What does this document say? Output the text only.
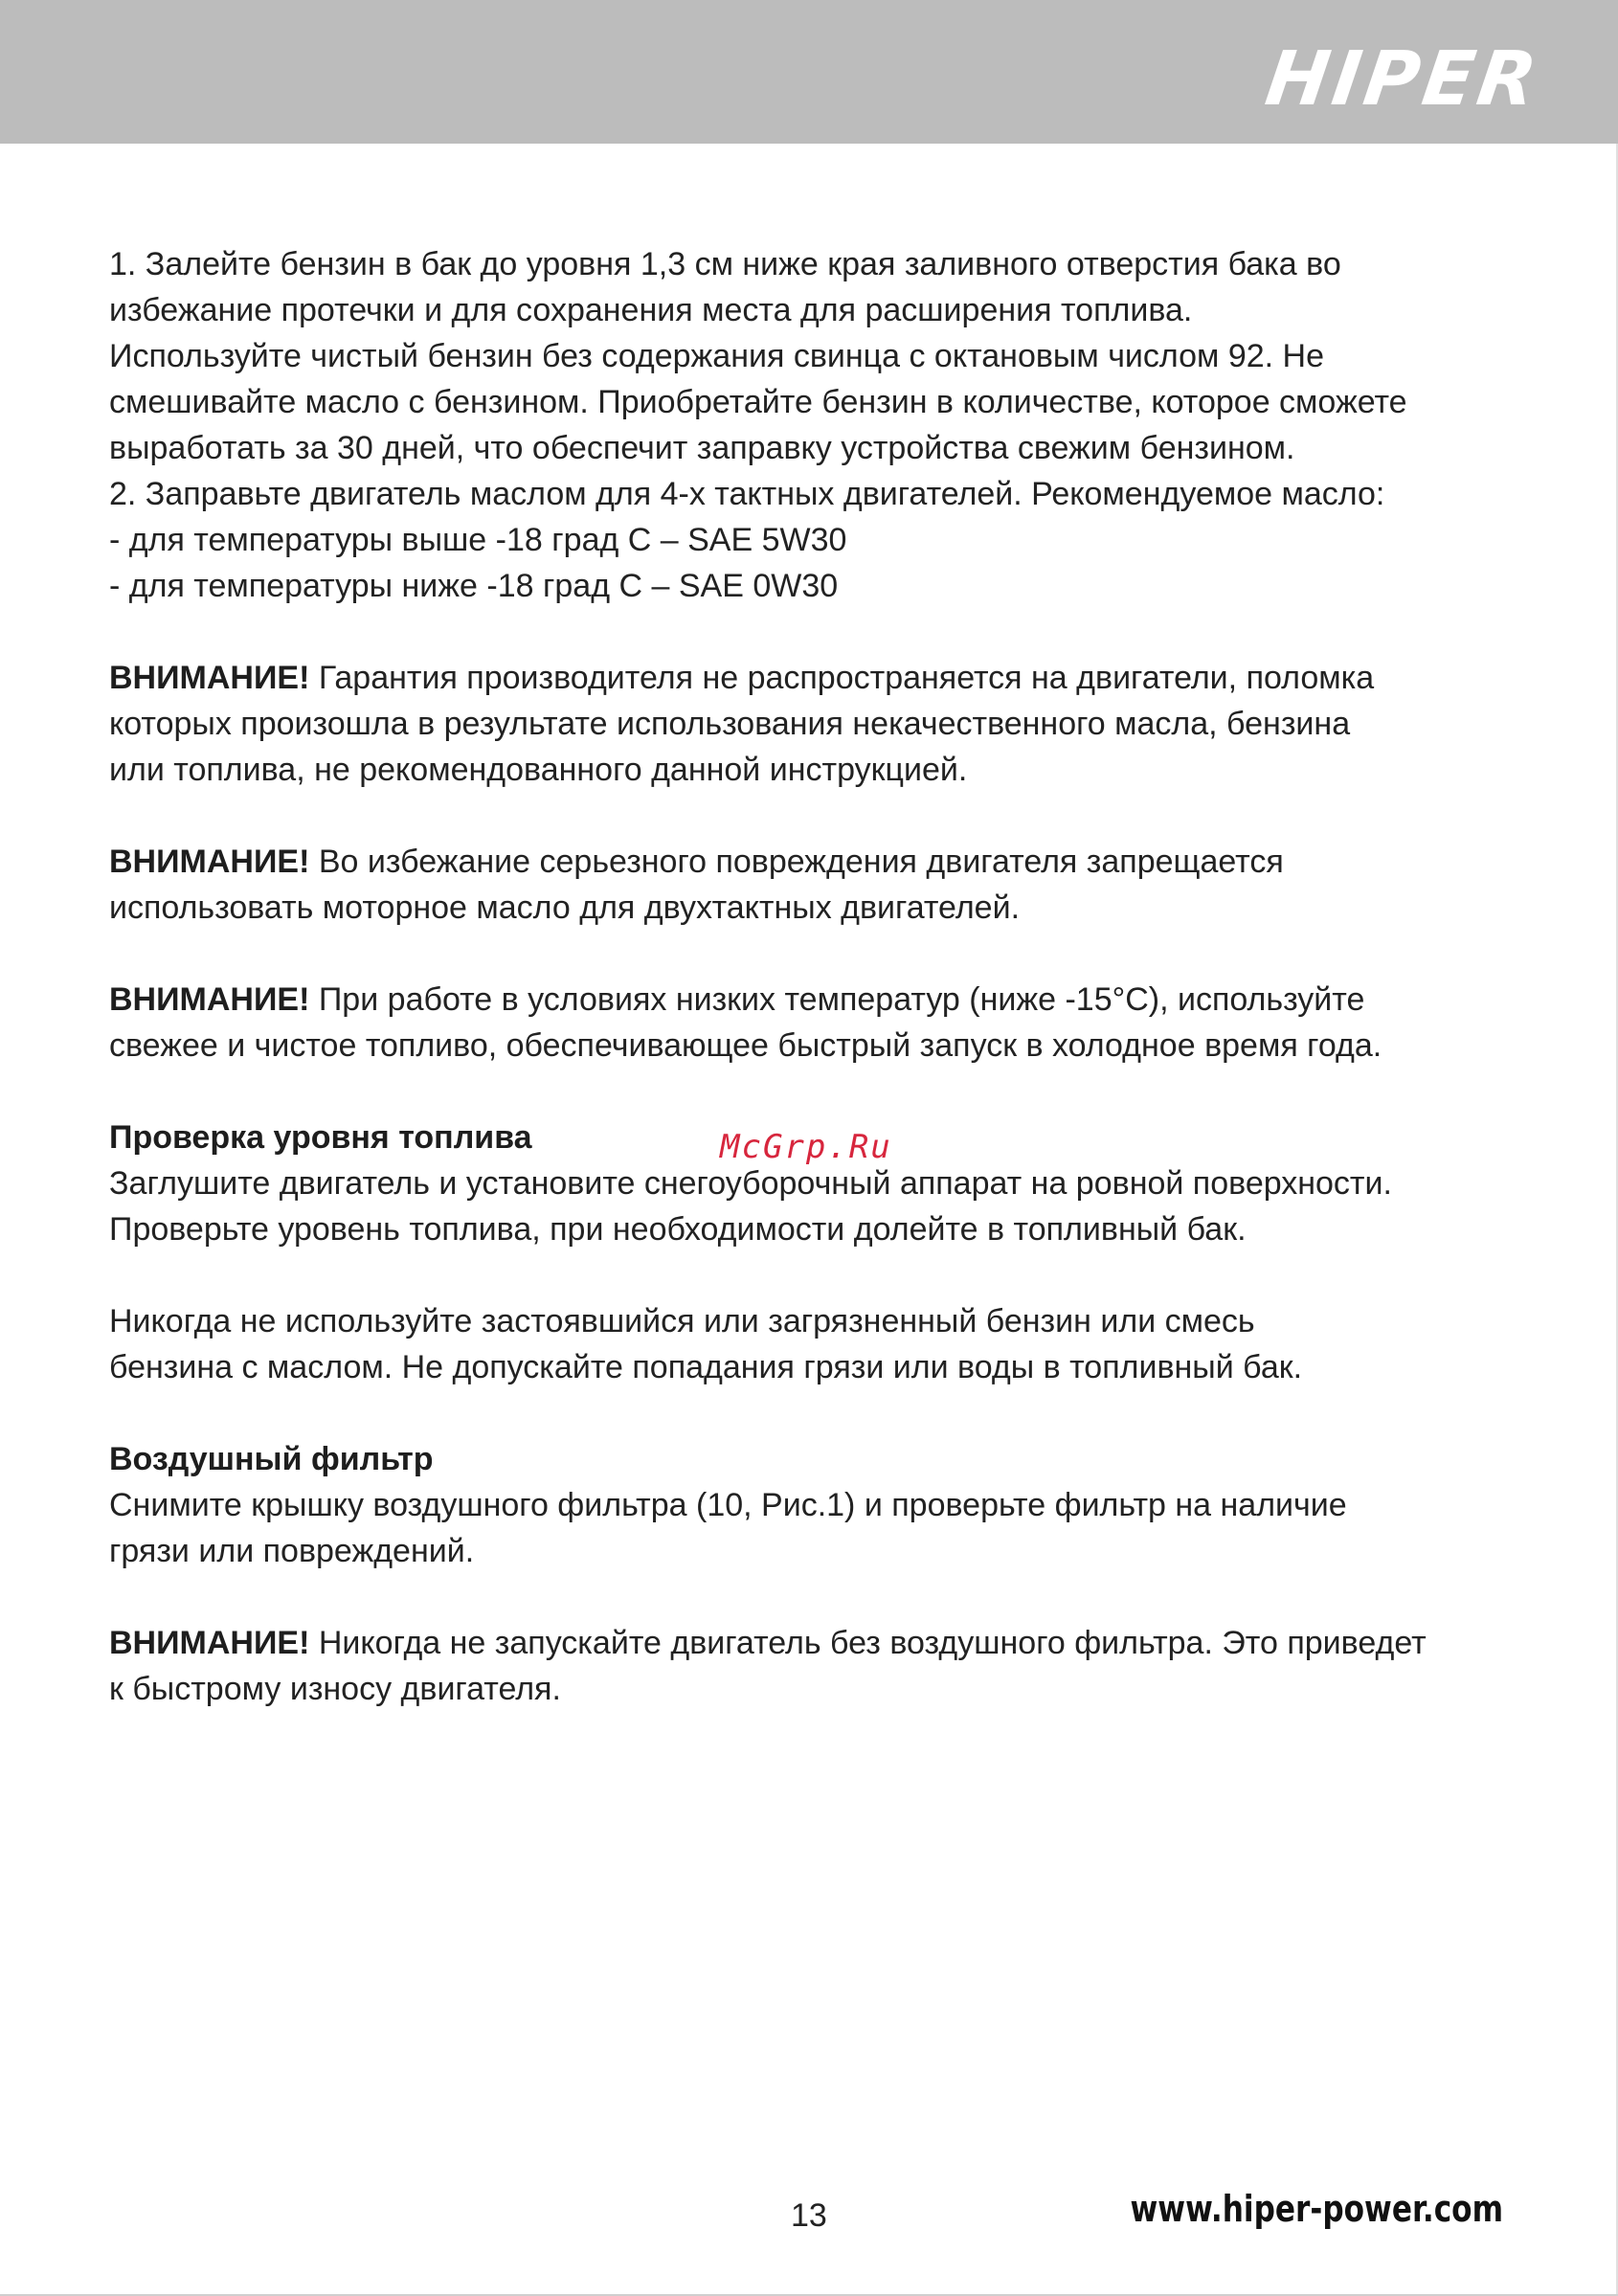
HIPER

1. Залейте бензин в бак до уровня 1,3 см ниже края заливного отверстия бака во

избежание протечки и для сохранения места для расширения топлива.

Используйте чистый бензин без содержания свинца с октановым числом 92. Не

смешивайте масло с бензином. Приобретайте бензин в количестве, которое сможете

выработать за 30 дней, что обеспечит заправку устройства свежим бензином.

2. Заправьте двигатель маслом для 4-х тактных двигателей. Рекомендуемое масло:

- для температуры выше -18 град С – SAE 5W30

- для температуры ниже -18 град С – SAE 0W30

ВНИМАНИЕ! Гарантия производителя не распространяется на двигатели, поломка

которых произошла в результате использования некачественного масла, бензина

или топлива, не рекомендованного данной инструкцией.

ВНИМАНИЕ! Во избежание серьезного повреждения двигателя запрещается

использовать моторное масло для двухтактных двигателей.

ВНИМАНИЕ! При работе в условиях низких температур (ниже -15°С), используйте

свежее и чистое топливо, обеспечивающее быстрый запуск в холодное время года.

Проверка уровня топлива

Заглушите двигатель и установите снегоуборочный аппарат на ровной поверхности.

Проверьте уровень топлива, при необходимости долейте в топливный бак.

Никогда не используйте застоявшийся или загрязненный бензин или смесь

бензина с маслом. Не допускайте попадания грязи или воды в топливный бак.

Воздушный фильтр

Снимите крышку воздушного фильтра (10, Рис.1) и проверьте фильтр на наличие

грязи или повреждений.

ВНИМАНИЕ! Никогда не запускайте двигатель без воздушного фильтра. Это приведет

к быстрому износу двигателя.

McGrp.Ru
13	www.hiper-power.com
